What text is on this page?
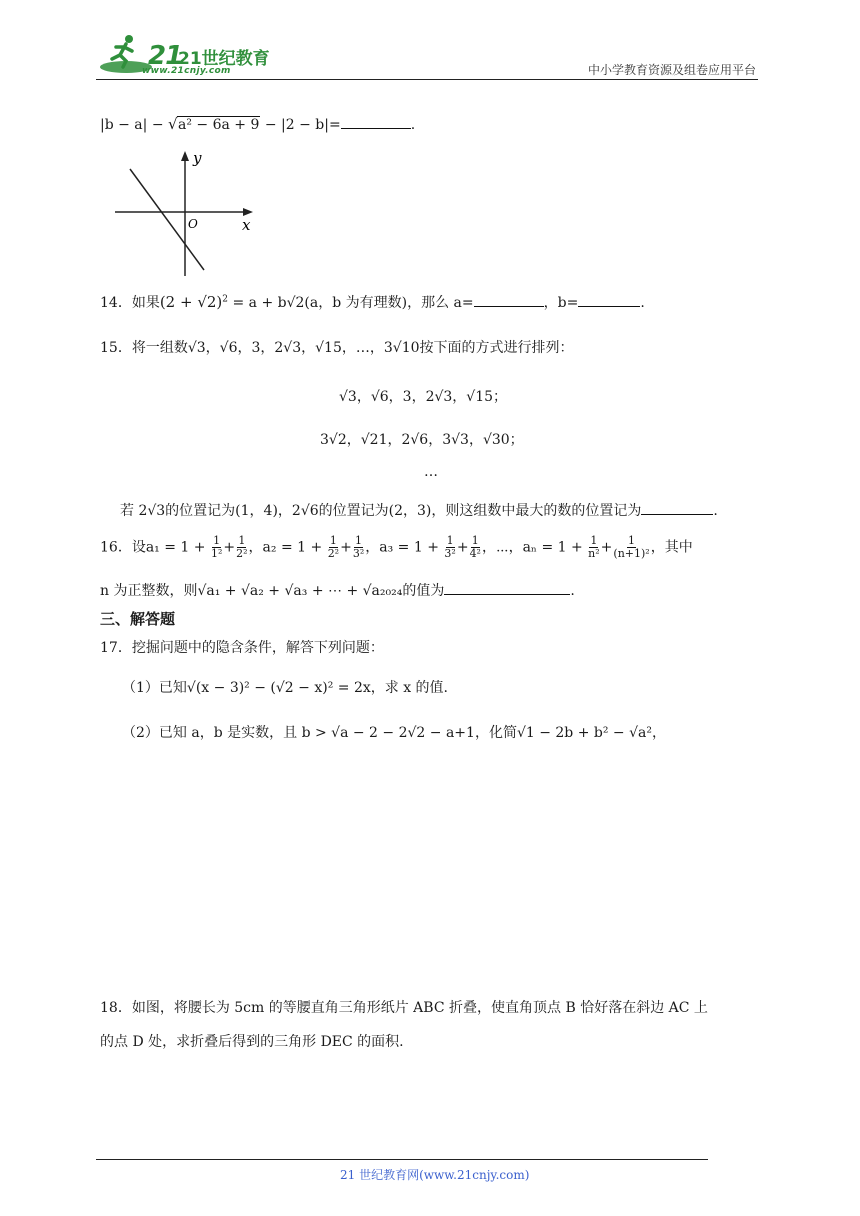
21
21世纪教育
www.21cnjy.com	中小学教育资源及组卷应用平台
|b − a| − √ a² − 6a + 9 − |2 − b|=	.
y
x
O
14．如果$(2 + √2)^2 = a + b√2(a$，b 为有理数)，那么 a=	，b=	.
15．将一组数√3，√6，3，2√3，√15，…，3√10按下面的方式进行排列：
√3，√6，3，2√3，√15；
3√2，√21，2√6，3√3，√30；
…
若 2√3的位置记为(1，4)，2√6的位置记为(2，3)，则这组数中最大的数的位置记为	.
16．设$a_1 = 1 + \frac{1}{\text{1²}} + \frac{1}{\text{2²}}$ ，$a_2 = 1 + \frac{1}{\text{2²}} + \frac{1}{\text{3²}}$ ，$a_3 = 1 + \frac{1}{\text{3²}} + \frac{1}{\text{4²}}$ ，⋯，$a_n = 1 + \frac{1}{\text{n²}} + \frac{1}{\text{(n+1)²}}$ ，其中
n 为正整数，则√a₁ + √a₂ + √a₃ + ⋯ + √a₂₀₂₄的值为	.
三、解答题
17．挖掘问题中的隐含条件，解答下列问题：
（1）已知√(x − 3)² − (√2 − x)² = 2x，求 x 的值.
（2）已知 a，b 是实数，且 b > √a − 2 − 2√2 − a+1，化简√1 − 2b + b² − √a²，
18．如图，将腰长为 5cm 的等腰直角三角形纸片 ABC 折叠，使直角顶点 B 恰好落在斜边 AC 上
的点 D 处，求折叠后得到的三角形 DEC 的面积.
21 世纪教育网(www.21cnjy.com)
